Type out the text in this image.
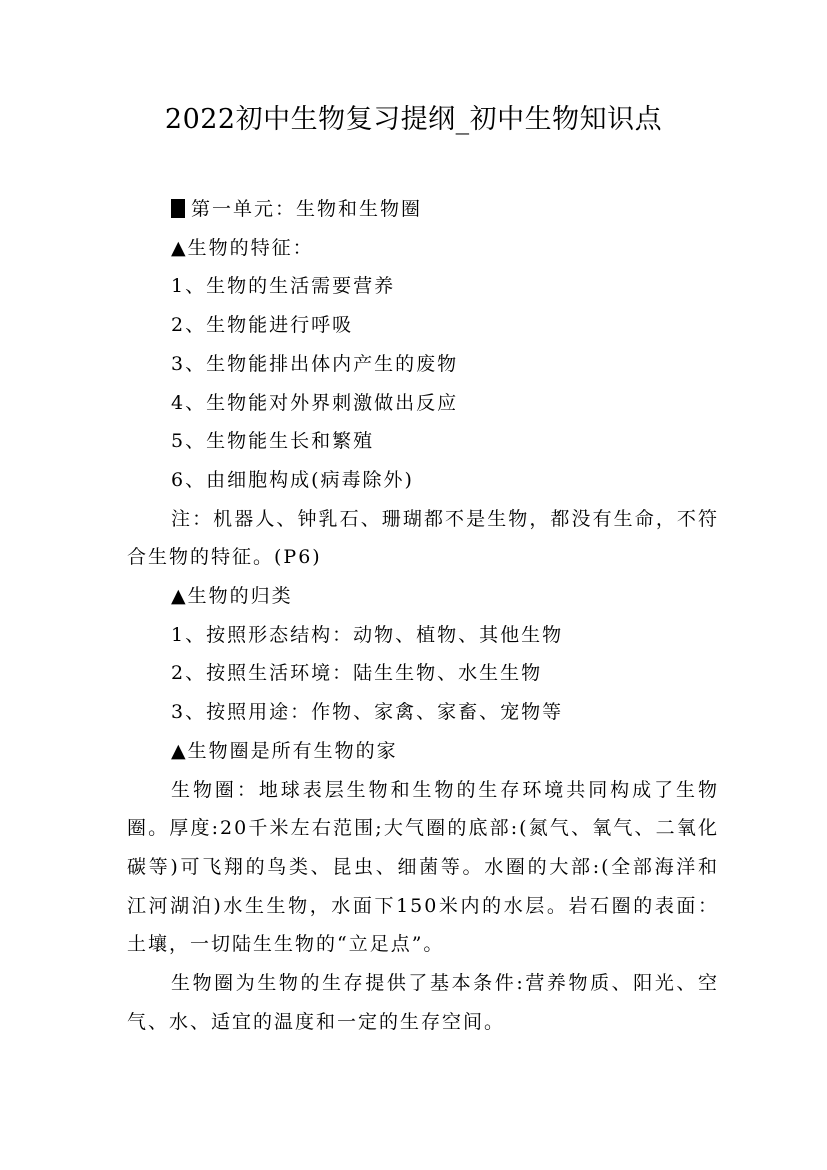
2022初中生物复习提纲_初中生物知识点
第一单元：生物和生物圈
▲生物的特征：
1、生物的生活需要营养
2、生物能进行呼吸
3、生物能排出体内产生的废物
4、生物能对外界刺激做出反应
5、生物能生长和繁殖
6、由细胞构成(病毒除外)
注：机器人、钟乳石、珊瑚都不是生物，都没有生命，不符合生物的特征。(P6)
▲生物的归类
1、按照形态结构：动物、植物、其他生物
2、按照生活环境：陆生生物、水生生物
3、按照用途：作物、家禽、家畜、宠物等
▲生物圈是所有生物的家
生物圈：地球表层生物和生物的生存环境共同构成了生物圈。厚度:20千米左右范围;大气圈的底部:(氮气、氧气、二氧化碳等)可飞翔的鸟类、昆虫、细菌等。水圈的大部:(全部海洋和江河湖泊)水生生物，水面下150米内的水层。岩石圈的表面：土壤，一切陆生生物的“立足点”。
生物圈为生物的生存提供了基本条件:营养物质、阳光、空气、水、适宜的温度和一定的生存空间。
